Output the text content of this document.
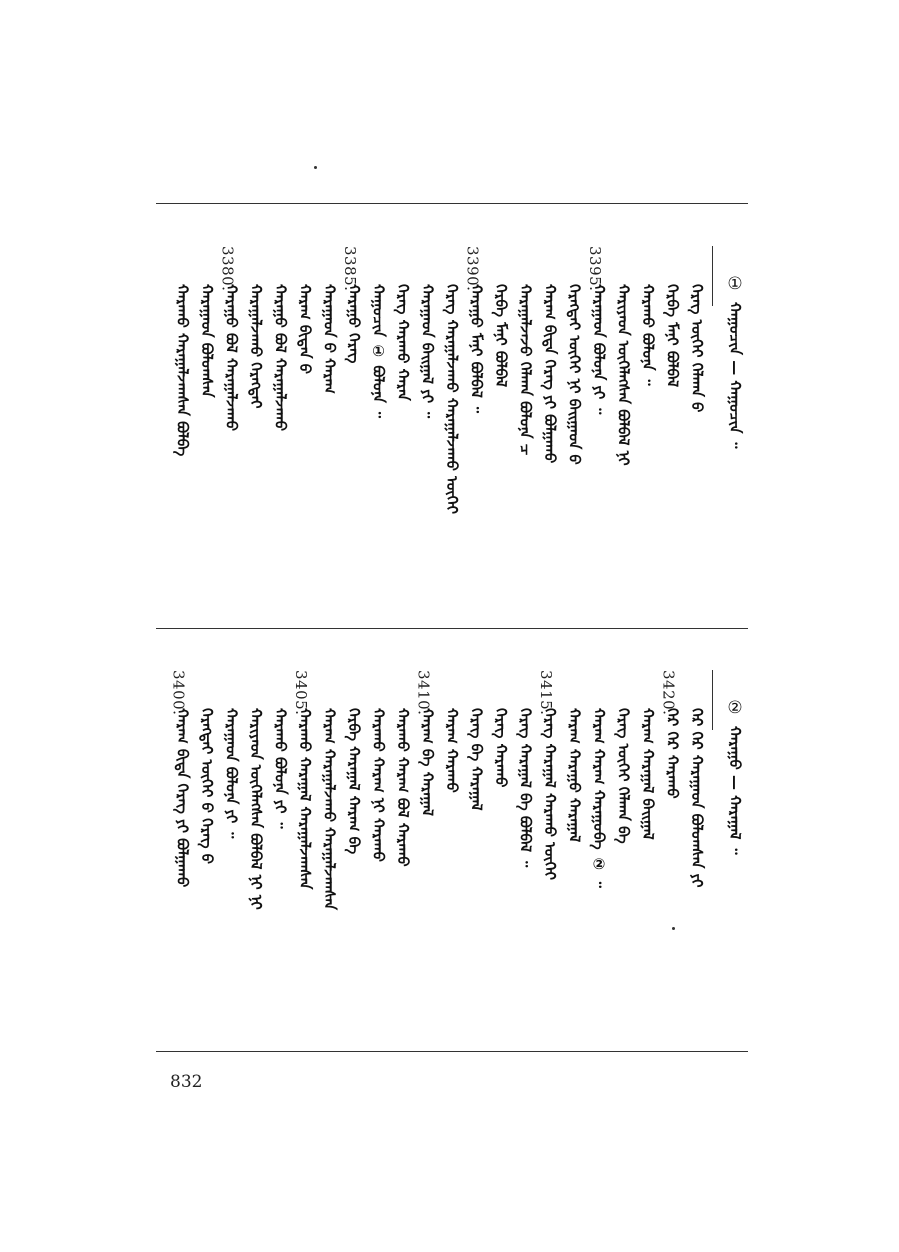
①ᠬᠠᠭᠤᠴᠢᠨ — ᠬᠠᠭᠤᠴᠢᠨ ᠃
ᠬᠡᠷᠡᠭ ᠦᠭᠡᠢ ᠬᠡᠯᠡᠭ᠍ᠡ ᠪ
ᠬᠡᠷᠪᠡ ᠮᠠᠨᠢ ᠪᠣᠯᠪᠠᠯ
ᠬᠠᠷᠠᠬᠤ ᠪᠣᠯᠤᠨᠠ ᠃
ᠬᠠᠷᠢᠶᠠᠳ ᠦᠭᠡᠯᠡᠭᠰᠡᠨ ᠪᠣᠯᠪᠠᠯ ᠨᠢ
3395.
ᠬᠠᠷᠠᠭᠠᠳ ᠪᠣᠯᠤᠨᠠ ᠶᠢ ᠃
ᠬᠡᠷᠡᠭᠲᠡᠢ ᠦᠭᠡᠢ ᠨᠢ ᠪᠠᠢᠭᠠᠳ ᠪ
ᠬᠠᠷᠠᠭ ᠪᠢᠳᠡ ᠬᠡᠷᠡᠭ ᠶᠢ ᠪᠣᠯᠭᠠᠬᠤ
ᠬᠠᠷᠠᠭᠠᠯᠵᠠᠵᠤ ᠬᠡᠯᠡᠭ᠍ᠡ ᠪᠣᠯᠤᠨᠠ ᠴ
ᠬᠡᠷᠪᠡ ᠮᠠᠨᠢ ᠪᠣᠯᠪᠠᠯ
3390.
ᠬᠠᠷᠠᠭᠤ ᠮᠠᠨᠢ ᠪᠣᠯᠪᠠᠯ ᠃
ᠬᠡᠷᠡᠭ ᠬᠠᠷᠠᠭᠠᠯᠵᠠᠬᠤ ᠬᠠᠷᠠᠭᠠᠯᠵᠠᠬᠤ ᠦᠭᠡᠢ
ᠬᠠᠷᠠᠭᠠᠳ ᠪᠠᠢᠭᠠᠯ ᠶᠢ ᠃
ᠬᠡᠷᠡᠭ ᠬᠠᠷᠠᠬᠤ ᠬᠠᠷᠠᠨ
ᠬᠠᠭᠤᠴᠢᠨ ① ᠪᠣᠯᠤᠨᠠ ᠃
3385.
ᠬᠠᠷᠠᠭᠤ ᠬᠡᠷᠡᠭ
ᠬᠠᠷᠠᠭᠠᠳ ᠪ ᠬᠠᠷᠠᠭ
ᠬᠠᠷᠠᠭ ᠪᠢᠳᠡᠨ ᠪ
ᠬᠠᠷᠠᠭᠤ ᠪᠣᠯ ᠬᠠᠷᠠᠭᠠᠯᠵᠠᠬᠤ
ᠬᠠᠷᠠᠭᠠᠯᠵᠠᠬᠤ ᠬᠡᠷᠡᠭᠲᠡᠢ
3380.
ᠬᠠᠷᠠᠭᠤ ᠪᠣᠯ ᠬᠠᠷᠠᠭᠠᠯᠵᠠᠬᠤ
ᠬᠠᠷᠠᠭᠠᠳ ᠪᠣᠯᠤᠭᠰᠠᠨ
ᠬᠠᠷᠠᠬᠤ ᠬᠠᠷᠠᠭᠠᠯᠵᠠᠭᠰᠠᠨ ᠪᠣᠯᠪᠠ
②ᠬᠠᠷᠠᠭᠤ — ᠬᠠᠷᠠᠭᠠᠯ ᠃
ᠬᠡᠷ ᠬᠡᠷ ᠬᠠᠷᠠᠭᠠᠳ ᠪᠣᠯᠤᠭᠰᠠᠨ ᠶᠢ
3420.
ᠬᠡᠷ ᠬᠡᠷ ᠬᠠᠷᠠᠬᠤ
ᠬᠠᠷᠠᠭ ᠬᠠᠷᠠᠭᠠᠯ ᠪᠠᠢᠭᠠᠯ
ᠬᠡᠷᠡᠭ ᠦᠭᠡᠢ ᠬᠡᠯᠡᠭ᠍ᠡ ᠪᠠ
ᠬᠠᠷᠠᠭ ᠬᠠᠷᠠᠭ ᠬᠠᠷᠠᠭᠤᠪᠠ ② ᠃
ᠬᠠᠷᠠᠭ ᠬᠠᠷᠠᠭᠤ ᠬᠠᠷᠠᠭᠠᠯ
3415.
ᠬᠡᠷᠡᠭ ᠬᠠᠷᠠᠭᠠᠯ ᠬᠠᠷᠠᠬᠤ ᠦᠭᠡᠢ
ᠬᠡᠷᠡᠭ ᠬᠠᠷᠠᠭᠠᠯ ᠪᠠ ᠪᠣᠯᠪᠠᠯ ᠃
ᠬᠡᠷᠡᠭ ᠬᠠᠷᠠᠬᠤ
ᠬᠡᠷᠡᠭ ᠪᠠ ᠬᠠᠷᠠᠭᠠᠯ
ᠬᠠᠷᠠᠭ ᠬᠠᠷᠠᠬᠤ
3410.
ᠬᠠᠷᠠᠭ ᠪᠠ ᠬᠠᠷᠠᠭᠠᠯ
ᠬᠠᠷᠠᠬᠤ ᠬᠠᠷᠠᠭ ᠪᠣᠯ ᠬᠠᠷᠠᠬᠤ
ᠬᠠᠷᠠᠬᠤ ᠬᠠᠷᠠᠭ ᠨᠢ ᠬᠠᠷᠠᠬᠤ
ᠬᠡᠷᠪᠡ ᠬᠠᠷᠠᠭᠠᠯ ᠬᠠᠷᠠᠭ ᠪᠠ
ᠬᠠᠷᠠᠭ ᠬᠠᠷᠠᠭᠠᠯᠵᠠᠬᠤ ᠬᠠᠷᠠᠭᠠᠯᠵᠠᠭᠰᠠᠨ
3405.
ᠬᠠᠷᠠᠬᠤ ᠬᠠᠷᠠᠭᠠᠯ ᠬᠠᠷᠠᠭᠠᠯᠵᠠᠭᠰᠠᠨ
ᠬᠠᠷᠠᠬᠤ ᠪᠣᠯᠤᠨᠠ ᠶᠢ ᠃
ᠬᠠᠷᠢᠶᠠᠳ ᠦᠭᠡᠯᠡᠭᠰᠡᠨ ᠪᠣᠯᠪᠠᠯ ᠨᠢ ᠨᠢ
ᠬᠠᠷᠠᠭᠠᠳ ᠪᠣᠯᠤᠨᠠ ᠶᠢ ᠃
ᠬᠡᠷᠡᠭᠲᠡᠢ ᠦᠭᠡᠢ ᠪ ᠬᠡᠷᠡᠭ ᠪ
3400.
ᠬᠠᠷᠠᠭ ᠪᠢᠳᠡ ᠬᠡᠷᠡᠭ ᠶᠢ ᠪᠣᠯᠭᠠᠬᠤ
832
